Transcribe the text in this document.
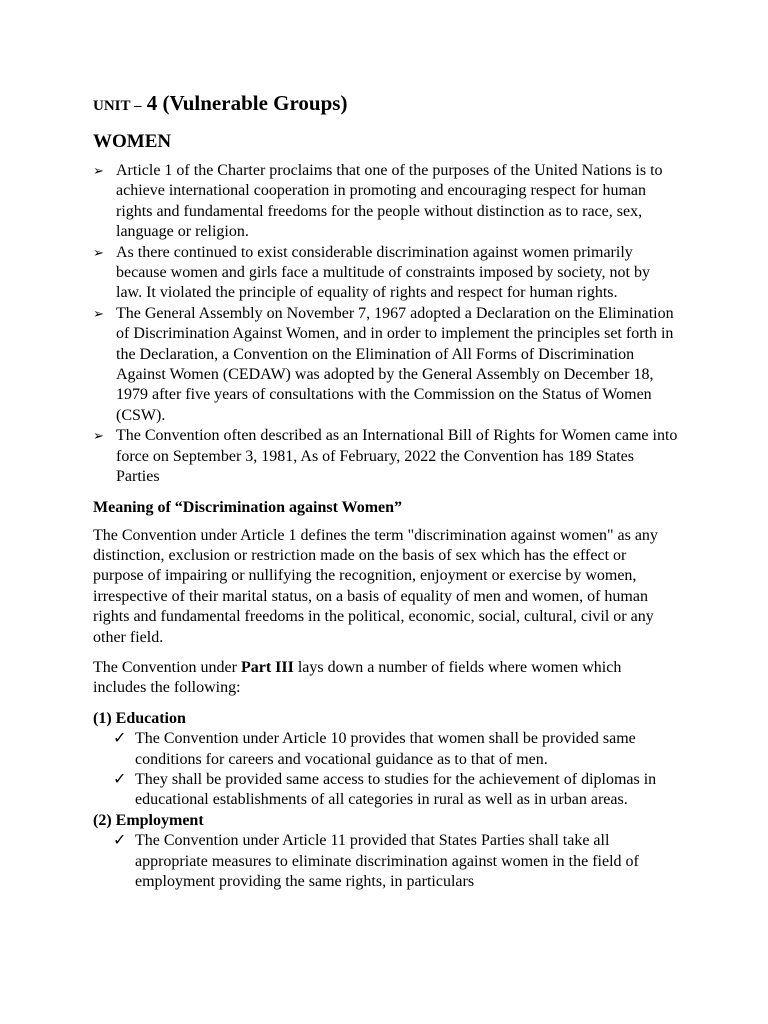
UNIT – 4 (Vulnerable Groups)
WOMEN
➢ Article 1 of the Charter proclaims that one of the purposes of the United Nations is to achieve international cooperation in promoting and encouraging respect for human rights and fundamental freedoms for the people without distinction as to race, sex, language or religion.
➢ As there continued to exist considerable discrimination against women primarily because women and girls face a multitude of constraints imposed by society, not by law. It violated the principle of equality of rights and respect for human rights.
➢ The General Assembly on November 7, 1967 adopted a Declaration on the Elimination of Discrimination Against Women, and in order to implement the principles set forth in the Declaration, a Convention on the Elimination of All Forms of Discrimination Against Women (CEDAW) was adopted by the General Assembly on December 18, 1979 after five years of consultations with the Commission on the Status of Women (CSW).
➢ The Convention often described as an International Bill of Rights for Women came into force on September 3, 1981, As of February, 2022 the Convention has 189 States Parties
Meaning of “Discrimination against Women”

The Convention under Article 1 defines the term "discrimination against women" as any distinction, exclusion or restriction made on the basis of sex which has the effect or purpose of impairing or nullifying the recognition, enjoyment or exercise by women, irrespective of their marital status, on a basis of equality of men and women, of human rights and fundamental freedoms in the political, economic, social, cultural, civil or any other field.

The Convention under Part III lays down a number of fields where women which includes the following:

(1) Education
✓ The Convention under Article 10 provides that women shall be provided same conditions for careers and vocational guidance as to that of men.
✓ They shall be provided same access to studies for the achievement of diplomas in educational establishments of all categories in rural as well as in urban areas.
(2) Employment
✓ The Convention under Article 11 provided that States Parties shall take all appropriate measures to eliminate discrimination against women in the field of employment providing the same rights, in particulars
